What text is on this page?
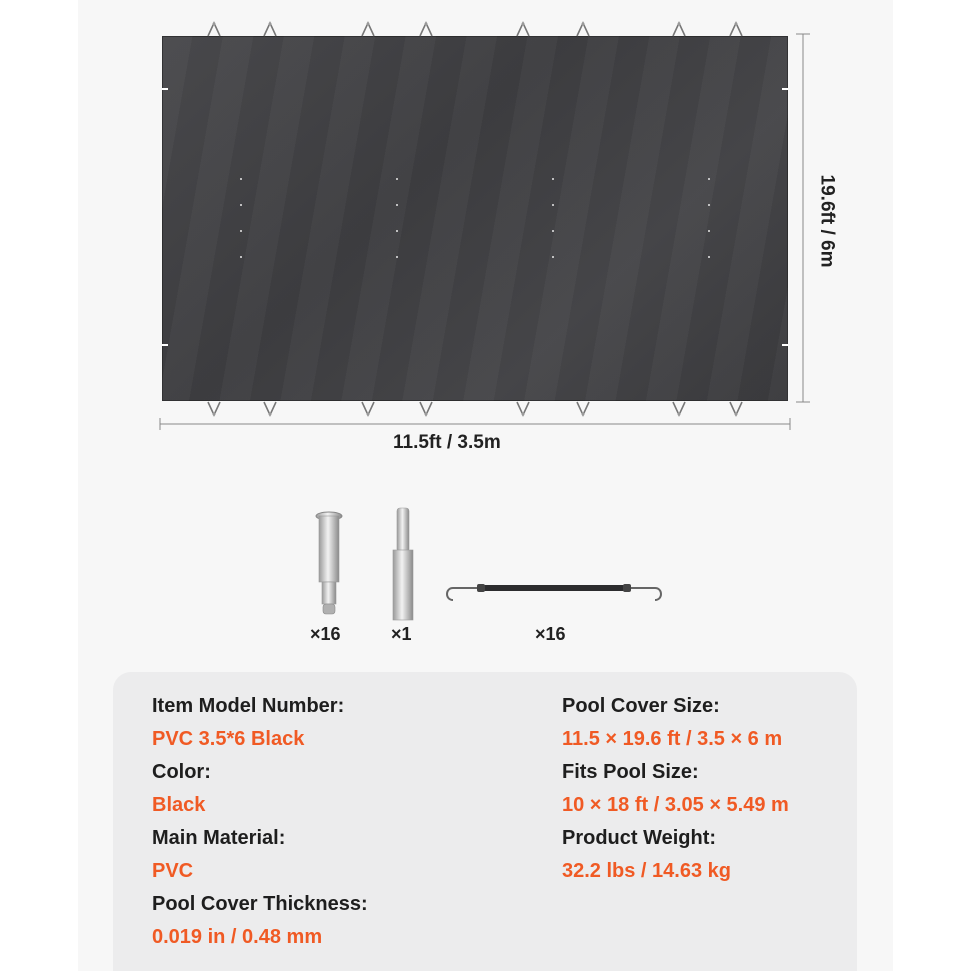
11.5ft / 3.5m
19.6ft / 6m
×16	×1	×16
Item Model Number:
PVC 3.5*6 Black
Color:
Black
Main Material:
PVC
Pool Cover Thickness:
0.019 in / 0.48 mm
Pool Cover Size:
11.5 × 19.6 ft / 3.5 × 6 m
Fits Pool Size:
10 × 18 ft / 3.05 × 5.49 m
Product Weight:
32.2 lbs / 14.63 kg
